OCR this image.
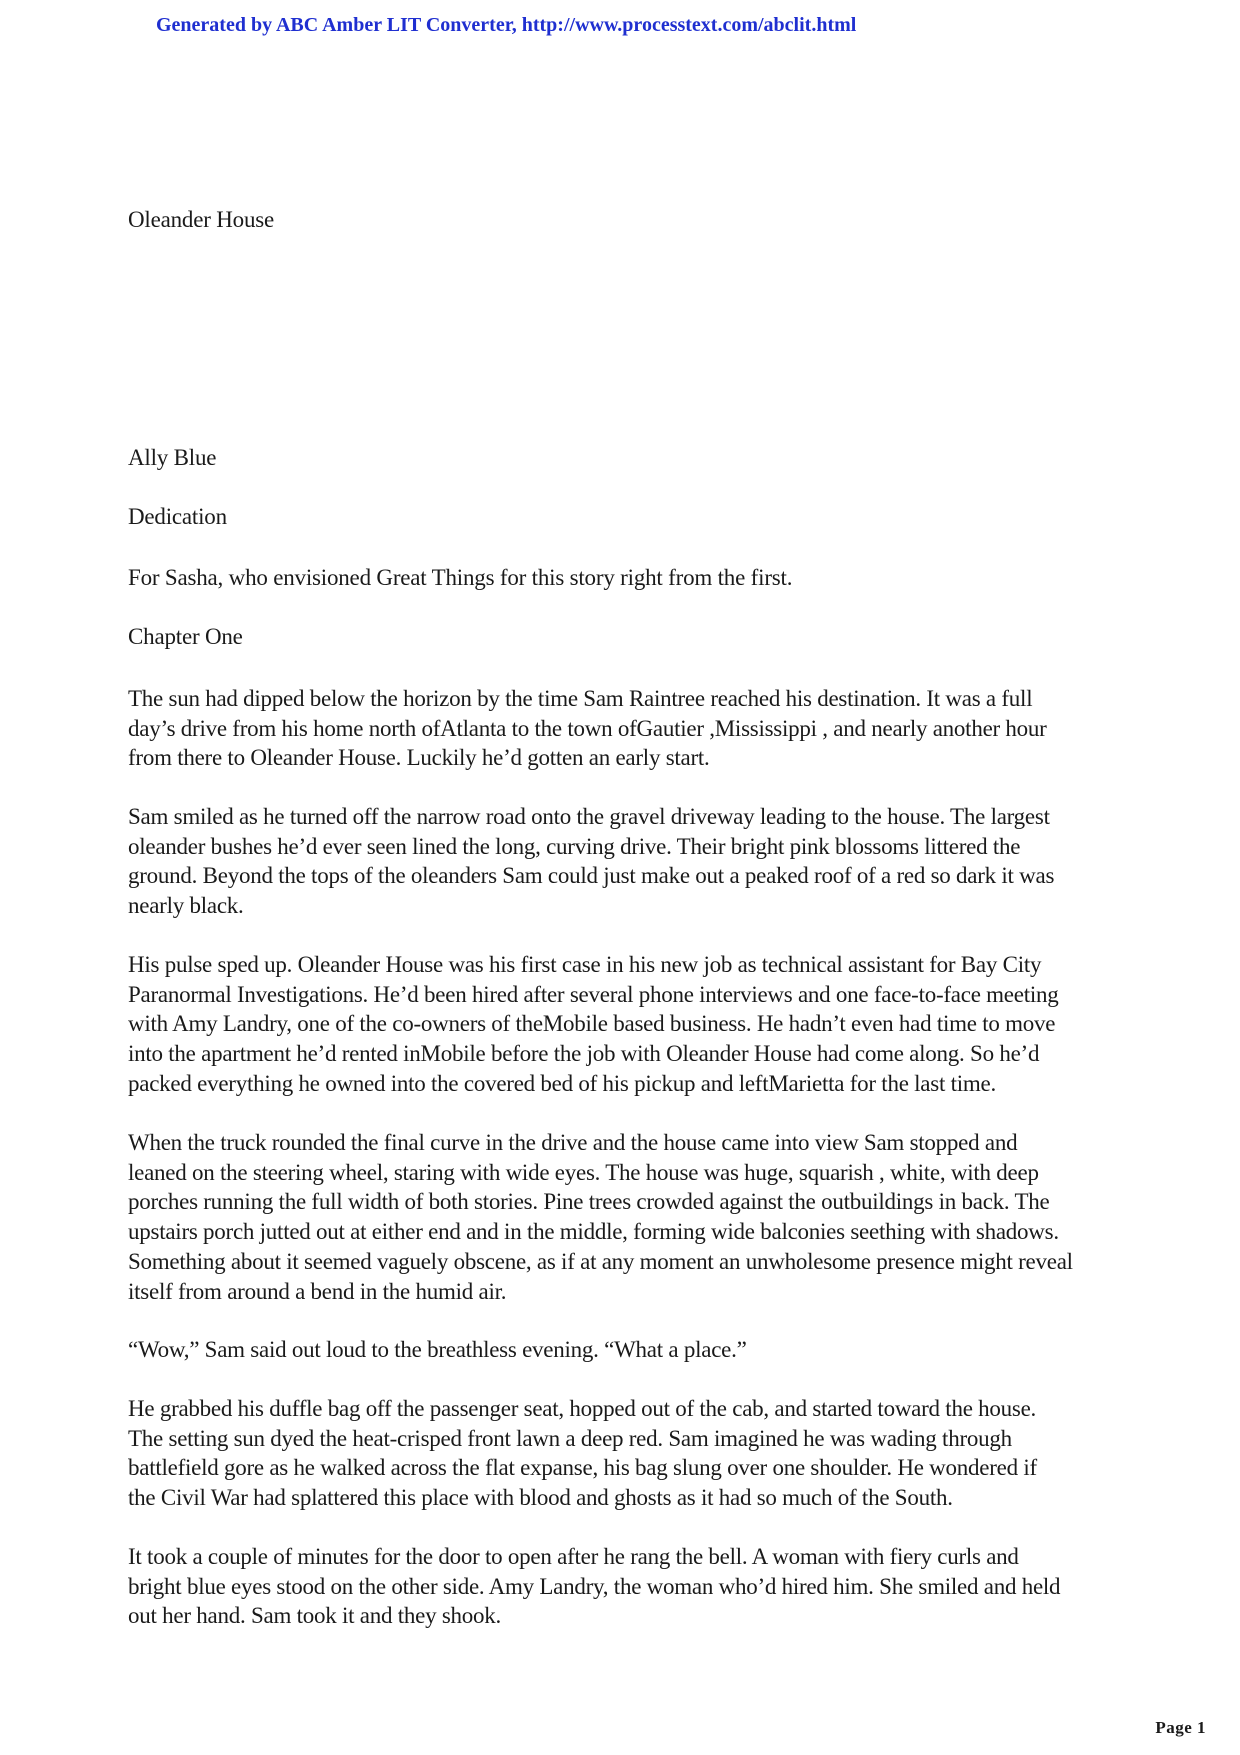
Generated by ABC Amber LIT Converter, http://www.processtext.com/abclit.html
Oleander House
Ally Blue
Dedication
For Sasha, who envisioned Great Things for this story right from the first.
Chapter One
The sun had dipped below the horizon by the time Sam Raintree reached his destination. It was a full
day’s drive from his home north ofAtlanta to the town ofGautier ,Mississippi , and nearly another hour
from there to Oleander House. Luckily he’d gotten an early start.
Sam smiled as he turned off the narrow road onto the gravel driveway leading to the house. The largest
oleander bushes he’d ever seen lined the long, curving drive. Their bright pink blossoms littered the
ground. Beyond the tops of the oleanders Sam could just make out a peaked roof of a red so dark it was
nearly black.
His pulse sped up. Oleander House was his first case in his new job as technical assistant for Bay City
Paranormal Investigations. He’d been hired after several phone interviews and one face-to-face meeting
with Amy Landry, one of the co-owners of theMobile based business. He hadn’t even had time to move
into the apartment he’d rented inMobile before the job with Oleander House had come along. So he’d
packed everything he owned into the covered bed of his pickup and leftMarietta for the last time.
When the truck rounded the final curve in the drive and the house came into view Sam stopped and
leaned on the steering wheel, staring with wide eyes. The house was huge, squarish , white, with deep
porches running the full width of both stories. Pine trees crowded against the outbuildings in back. The
upstairs porch jutted out at either end and in the middle, forming wide balconies seething with shadows.
Something about it seemed vaguely obscene, as if at any moment an unwholesome presence might reveal
itself from around a bend in the humid air.
“Wow,” Sam said out loud to the breathless evening. “What a place.”
He grabbed his duffle bag off the passenger seat, hopped out of the cab, and started toward the house.
The setting sun dyed the heat-crisped front lawn a deep red. Sam imagined he was wading through
battlefield gore as he walked across the flat expanse, his bag slung over one shoulder. He wondered if
the Civil War had splattered this place with blood and ghosts as it had so much of the South.
It took a couple of minutes for the door to open after he rang the bell. A woman with fiery curls and
bright blue eyes stood on the other side. Amy Landry, the woman who’d hired him. She smiled and held
out her hand. Sam took it and they shook.
Page 1
